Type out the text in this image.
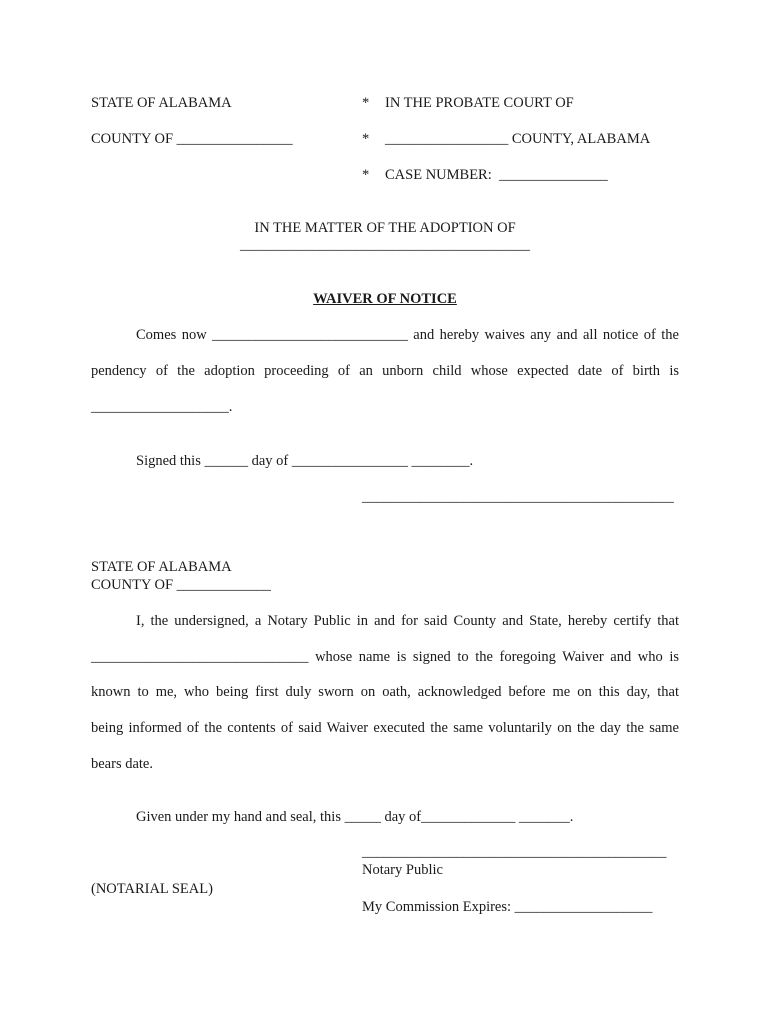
STATE OF ALABAMA
COUNTY OF ________________
*
*
*
IN THE PROBATE COURT OF
_________________ COUNTY, ALABAMA
CASE NUMBER:  _______________
IN THE MATTER OF THE ADOPTION OF
________________________________________
WAIVER OF NOTICE
Comes now ___________________________ and hereby waives any and all notice of the
pendency of the adoption proceeding of an unborn child whose expected date of birth is
___________________.
Signed this ______ day of ________________ ________.
___________________________________________
STATE OF ALABAMA
COUNTY OF _____________
I, the undersigned, a Notary Public in and for said County and State, hereby certify that
______________________________ whose name is signed to the foregoing Waiver and who is
known to me, who being first duly sworn on oath, acknowledged before me on this day, that
being informed of the contents of said Waiver executed the same voluntarily on the day the same
bears date.
Given under my hand and seal, this _____ day of_____________ _______.
__________________________________________
Notary Public
(NOTARIAL SEAL)
My Commission Expires: ___________________
